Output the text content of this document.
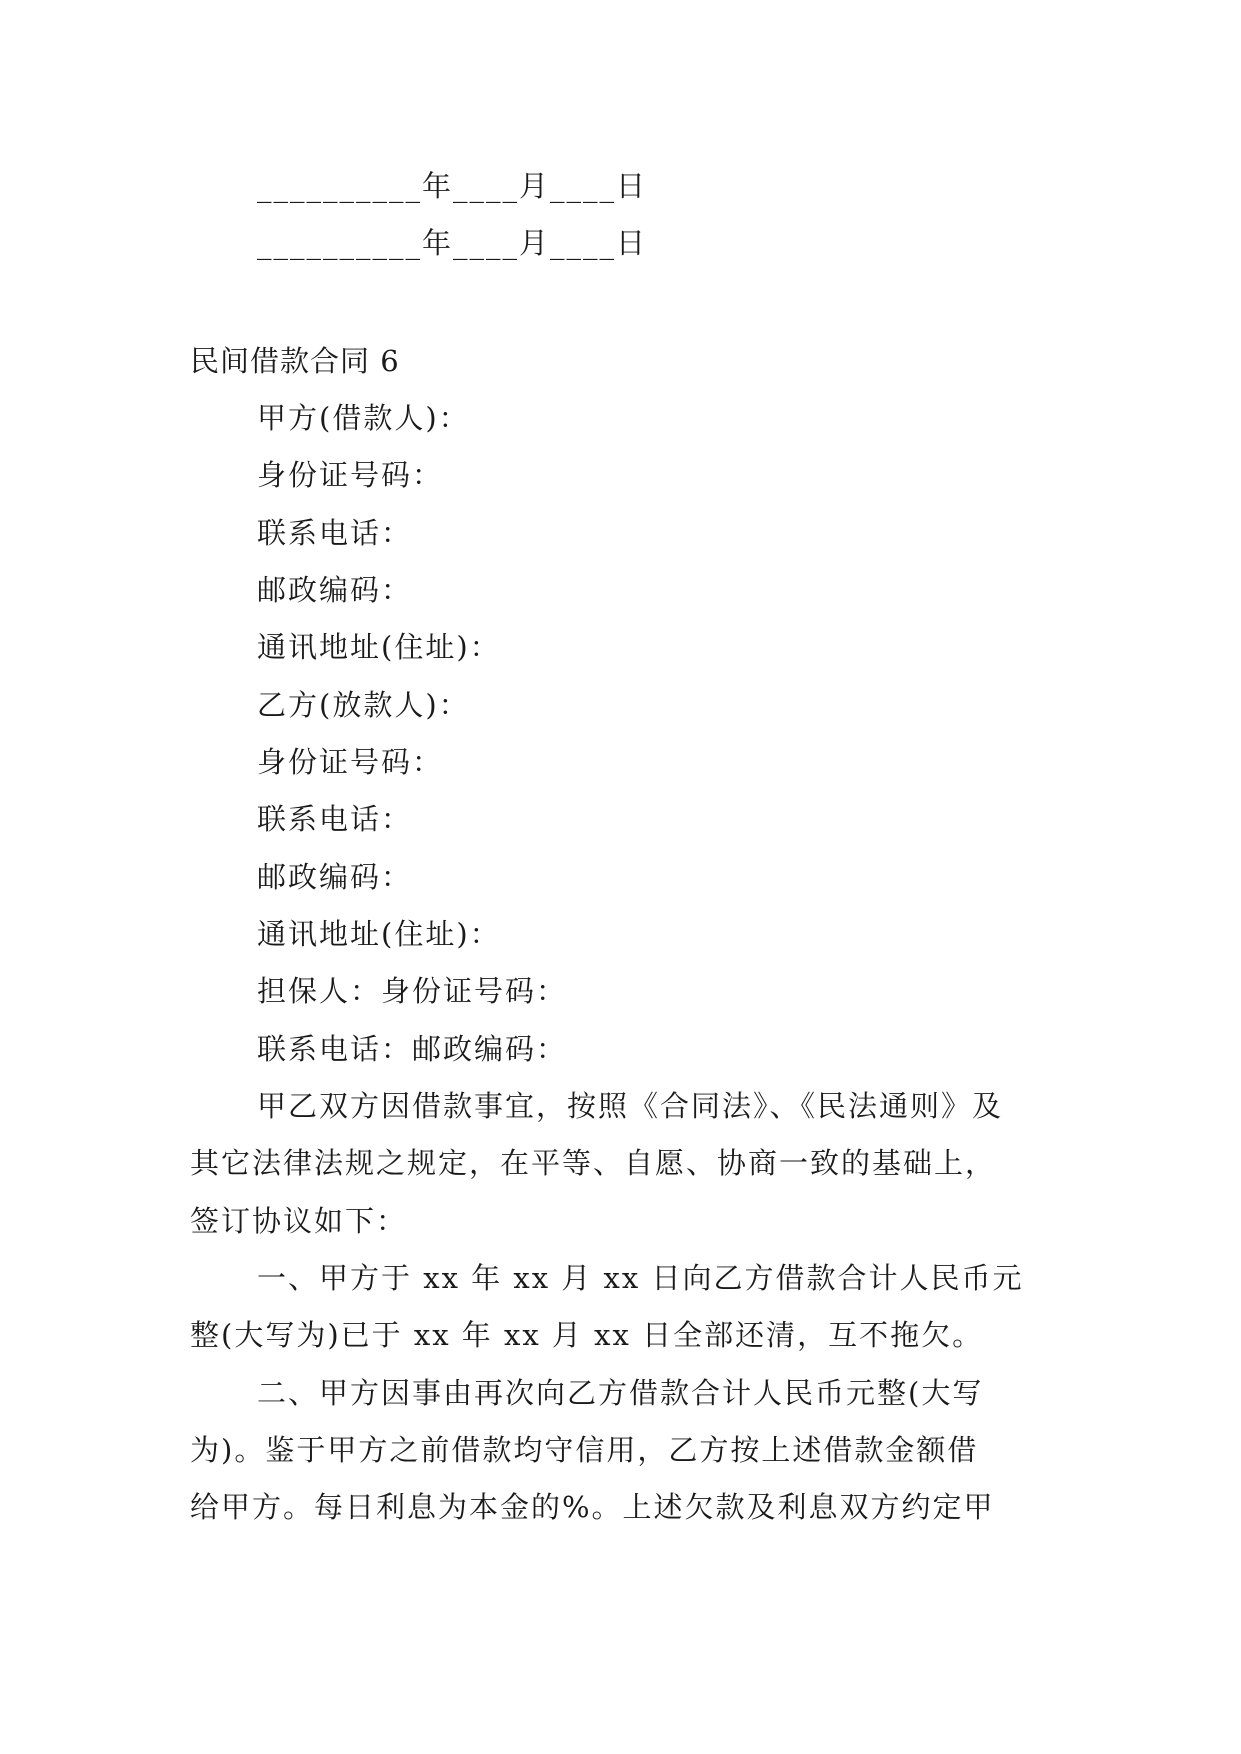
__________年____月____日
__________年____月____日
民间借款合同 6
甲方(借款人)：
身份证号码：
联系电话：
邮政编码：
通讯地址(住址)：
乙方(放款人)：
身份证号码：
联系电话：
邮政编码：
通讯地址(住址)：
担保人：身份证号码：
联系电话：邮政编码：
甲乙双方因借款事宜，按照《合同法》、《民法通则》及
其它法律法规之规定，在平等、自愿、协商一致的基础上，
签订协议如下：
一、甲方于 xx 年 xx 月 xx 日向乙方借款合计人民币元
整(大写为)已于 xx 年 xx 月 xx 日全部还清，互不拖欠。
二、甲方因事由再次向乙方借款合计人民币元整(大写
为)。鉴于甲方之前借款均守信用，乙方按上述借款金额借
给甲方。每日利息为本金的%。上述欠款及利息双方约定甲
